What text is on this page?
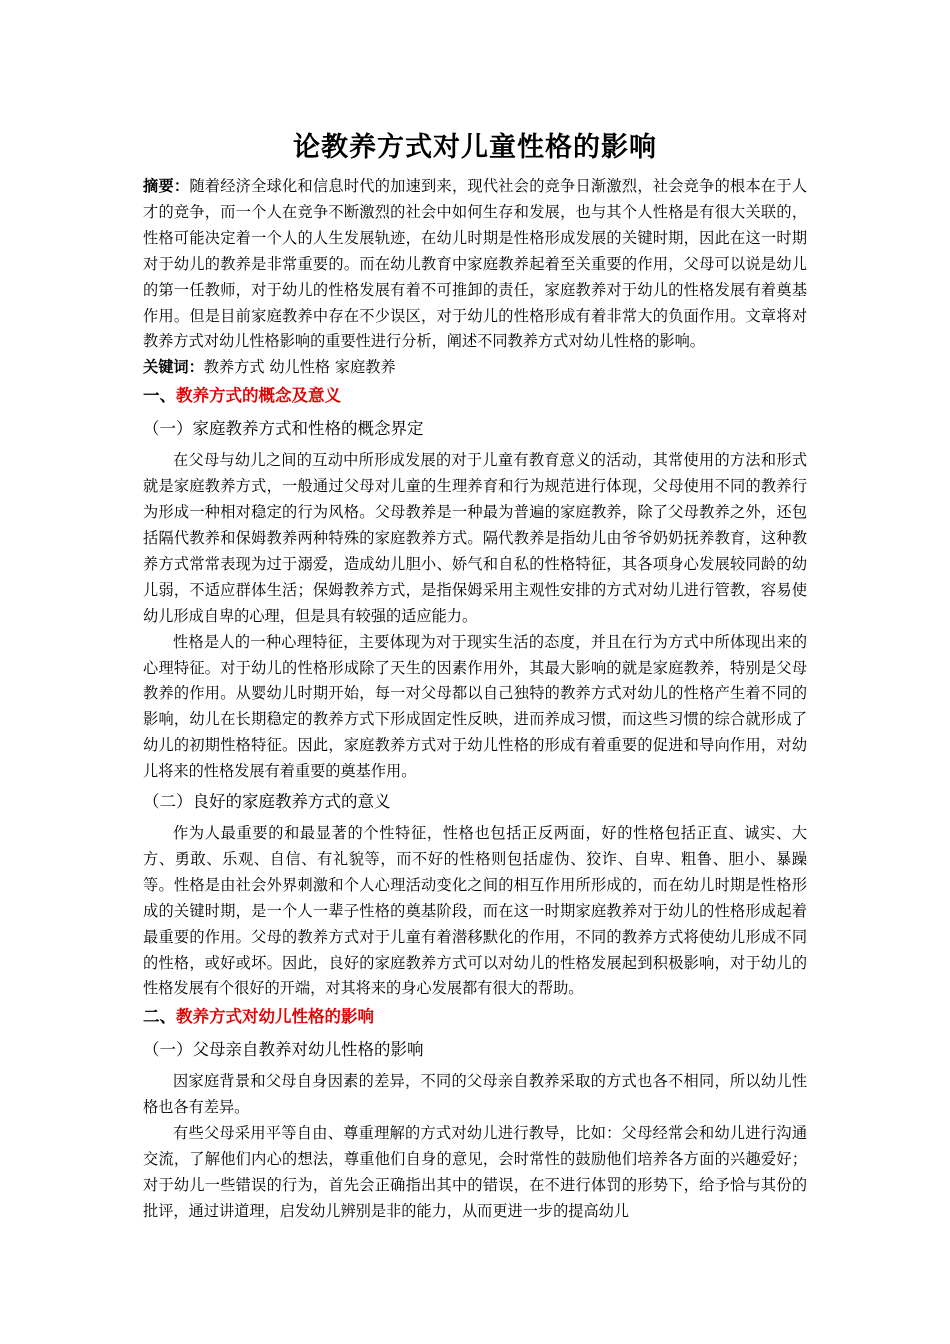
论教养方式对儿童性格的影响

摘要：随着经济全球化和信息时代的加速到来，现代社会的竞争日渐激烈，社会竞争的根本在于人才的竞争，而一个人在竞争不断激烈的社会中如何生存和发展，也与其个人性格是有很大关联的，性格可能决定着一个人的人生发展轨迹，在幼儿时期是性格形成发展的关键时期，因此在这一时期对于幼儿的教养是非常重要的。而在幼儿教育中家庭教养起着至关重要的作用，父母可以说是幼儿的第一任教师，对于幼儿的性格发展有着不可推卸的责任，家庭教养对于幼儿的性格发展有着奠基作用。但是目前家庭教养中存在不少误区，对于幼儿的性格形成有着非常大的负面作用。文章将对教养方式对幼儿性格影响的重要性进行分析，阐述不同教养方式对幼儿性格的影响。

关键词：教养方式 幼儿性格 家庭教养

一、教养方式的概念及意义
（一）家庭教养方式和性格的概念界定

在父母与幼儿之间的互动中所形成发展的对于儿童有教育意义的活动，其常使用的方法和形式就是家庭教养方式，一般通过父母对儿童的生理养育和行为规范进行体现，父母使用不同的教养行为形成一种相对稳定的行为风格。父母教养是一种最为普遍的家庭教养，除了父母教养之外，还包括隔代教养和保姆教养两种特殊的家庭教养方式。隔代教养是指幼儿由爷爷奶奶抚养教育，这种教养方式常常表现为过于溺爱，造成幼儿胆小、娇气和自私的性格特征，其各项身心发展较同龄的幼儿弱，不适应群体生活；保姆教养方式，是指保姆采用主观性安排的方式对幼儿进行管教，容易使幼儿形成自卑的心理，但是具有较强的适应能力。

性格是人的一种心理特征，主要体现为对于现实生活的态度，并且在行为方式中所体现出来的心理特征。对于幼儿的性格形成除了天生的因素作用外，其最大影响的就是家庭教养，特别是父母教养的作用。从婴幼儿时期开始，每一对父母都以自己独特的教养方式对幼儿的性格产生着不同的影响，幼儿在长期稳定的教养方式下形成固定性反映，进而养成习惯，而这些习惯的综合就形成了幼儿的初期性格特征。因此，家庭教养方式对于幼儿性格的形成有着重要的促进和导向作用，对幼儿将来的性格发展有着重要的奠基作用。

（二）良好的家庭教养方式的意义

作为人最重要的和最显著的个性特征，性格也包括正反两面，好的性格包括正直、诚实、大方、勇敢、乐观、自信、有礼貌等，而不好的性格则包括虚伪、狡诈、自卑、粗鲁、胆小、暴躁等。性格是由社会外界刺激和个人心理活动变化之间的相互作用所形成的，而在幼儿时期是性格形成的关键时期，是一个人一辈子性格的奠基阶段，而在这一时期家庭教养对于幼儿的性格形成起着最重要的作用。父母的教养方式对于儿童有着潜移默化的作用，不同的教养方式将使幼儿形成不同的性格，或好或坏。因此，良好的家庭教养方式可以对幼儿的性格发展起到积极影响，对于幼儿的性格发展有个很好的开端，对其将来的身心发展都有很大的帮助。

二、教养方式对幼儿性格的影响
（一）父母亲自教养对幼儿性格的影响

因家庭背景和父母自身因素的差异，不同的父母亲自教养采取的方式也各不相同，所以幼儿性格也各有差异。

有些父母采用平等自由、尊重理解的方式对幼儿进行教导，比如：父母经常会和幼儿进行沟通交流，了解他们内心的想法，尊重他们自身的意见，会时常性的鼓励他们培养各方面的兴趣爱好；对于幼儿一些错误的行为，首先会正确指出其中的错误，在不进行体罚的形势下，给予恰与其份的批评，通过讲道理，启发幼儿辨别是非的能力，从而更进一步的提高幼儿
